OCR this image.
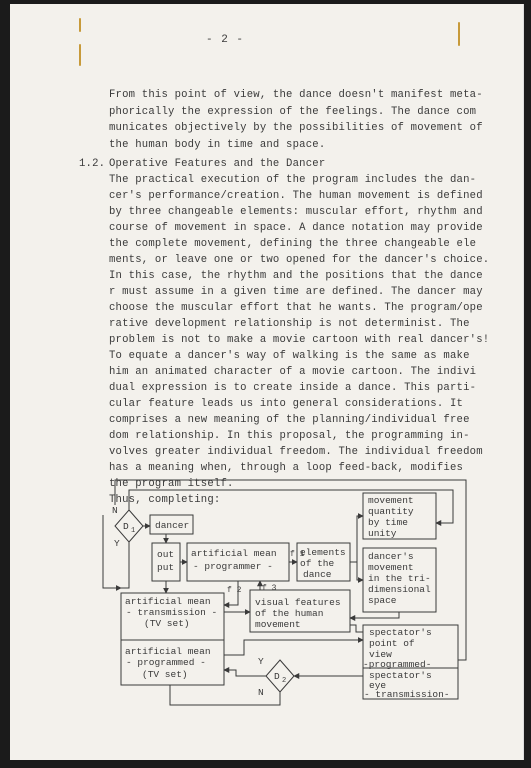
- 2 -
From this point of view, the dance doesn't manifest meta-
phorically the expression of the feelings. The dance com
municates objectively by the possibilities of movement of
the human body in time and space.
1.2. Operative Features and the Dancer
The practical execution of the program includes the dan-
cer's performance/creation. The human movement is defined
by three changeable elements: muscular effort, rhythm and
course of movement in space. A dance notation may provide
the complete movement, defining the three changeable ele
ments, or leave one or two opened for the dancer's choice.
In this case, the rhythm and the positions that the dance
r must assume in a given time are defined. The dancer may
choose the muscular effort that he wants. The program/ope
rative development relationship is not determinist. The
problem is not to make a movie cartoon with real dancer's!
To equate a dancer's way of walking is the same as make
him an animated character of a movie cartoon. The indivi
dual expression is to create inside a dance. This parti-
cular feature leads us into general considerations. It
comprises a new meaning of the planning/individual free
dom relationship. In this proposal, the programming in-
volves greater individual freedom. The individual freedom
has a meaning when, through a loop feed-back, modifies
the program itself.
Thus, completing:
D 1
N
Y
dancer
out
put
artificial mean
- programmer -
f 1
elements
of the
dance
movement
quantity
by time
unity
dancer's
movement
in the tri-
dimensional
space
f 2	f 3
artificial mean
- transmission -
(TV set)
artificial mean
- programmed -
(TV set)
visual features
of the human
movement
spectator's
point of
view
-programmed-
spectator's
eye
- transmission-
D 2
Y
N
